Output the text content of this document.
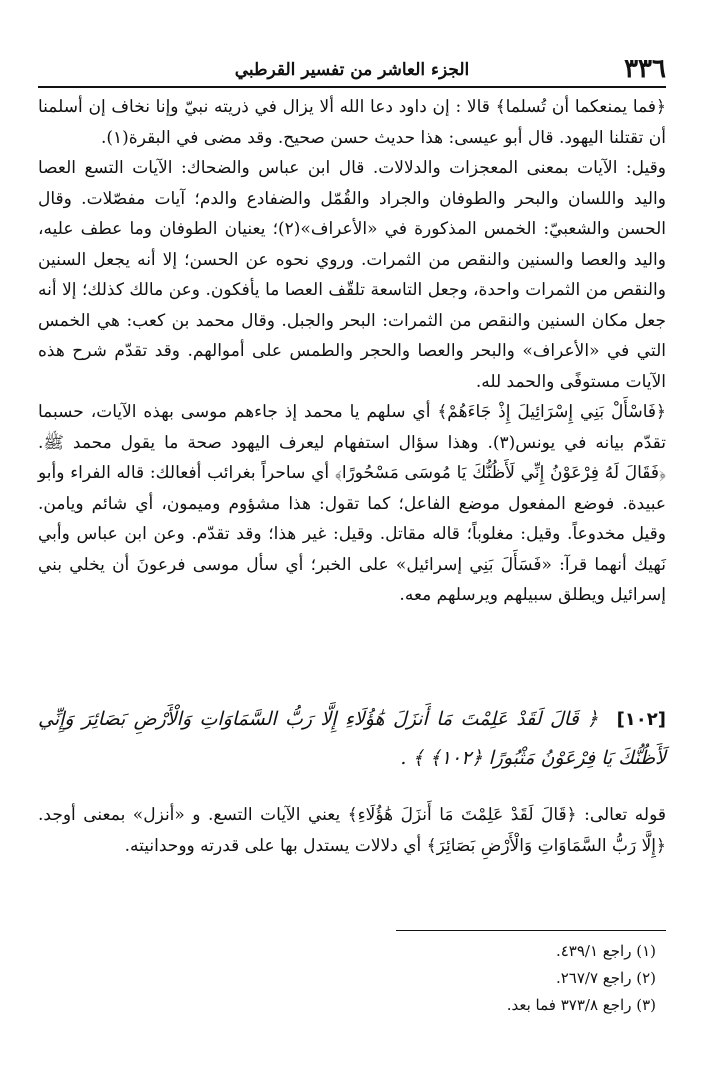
٣٣٦
الجزء العاشر من تفسير القرطبي

﴿فما يمنعكما أن تُسلما﴾ قالا : إن داود دعا الله ألا يزال في ذريته نبيّ وإنا نخاف إن أسلمنا أن تقتلنا اليهود. قال أبو عيسى: هذا حديث حسن صحيح. وقد مضى في البقرة(١).

وقيل: الآيات بمعنى المعجزات والدلالات. قال ابن عباس والضحاك: الآيات التسع العصا واليد واللسان والبحر والطوفان والجراد والقُمّل والضفادع والدم؛ آيات مفصّلات. وقال الحسن والشعبيّ: الخمس المذكورة في «الأعراف»(٢)؛ يعنيان الطوفان وما عطف عليه، واليد والعصا والسنين والنقص من الثمرات. وروي نحوه عن الحسن؛ إلا أنه يجعل السنين والنقص من الثمرات واحدة، وجعل التاسعة تلقّف العصا ما يأفكون. وعن مالك كذلك؛ إلا أنه جعل مكان السنين والنقص من الثمرات: البحر والجبل. وقال محمد بن كعب: هي الخمس التي في «الأعراف» والبحر والعصا والحجر والطمس على أموالهم. وقد تقدّم شرح هذه الآيات مستوفًى والحمد لله.

﴿فَاسْأَلْ بَنِي إِسْرَائِيلَ إِذْ جَاءَهُمْ﴾ أي سلهم يا محمد إذ جاءهم موسى بهذه الآيات، حسبما تقدّم بيانه في يونس(٣). وهذا سؤال استفهام ليعرف اليهود صحة ما يقول محمد ﷺ. ﴿فَقَالَ لَهُ فِرْعَوْنُ إِنِّي لَأَظُنُّكَ يَا مُوسَى مَسْحُورًا﴾ أي ساحراً بغرائب أفعالك: قاله الفراء وأبو عبيدة. فوضع المفعول موضع الفاعل؛ كما تقول: هذا مشؤوم وميمون، أي شائم ويامن. وقيل مخدوعاً. وقيل: مغلوباً؛ قاله مقاتل. وقيل: غير هذا؛ وقد تقدّم. وعن ابن عباس وأبي نَهيك أنهما قرآ: «فَسَأَلَ بَنِي إسرائيل» على الخبر؛ أي سأل موسى فرعونَ أن يخلي بني إسرائيل ويطلق سبيلهم ويرسلهم معه.

[١٠٢] ﴿ قَالَ لَقَدْ عَلِمْتَ مَا أَنزَلَ هَٰؤُلَاءِ إِلَّا رَبُّ السَّمَاوَاتِ وَالْأَرْضِ بَصَائِرَ وَإِنِّي لَأَظُنُّكَ يَا فِرْعَوْنُ مَثْبُورًا ﴿١٠٢﴾ ﴾ .
قوله تعالى: ﴿قَالَ لَقَدْ عَلِمْتَ مَا أَنزَلَ هَٰؤُلَاءِ﴾ يعني الآيات التسع. و «أنزل» بمعنى أوجد. ﴿إِلَّا رَبُّ السَّمَاوَاتِ وَالْأَرْضِ بَصَائِرَ﴾ أي دلالات يستدل بها على قدرته ووحدانيته.
(١) راجع ٤٣٩/١.
(٢) راجع ٢٦٧/٧.
(٣) راجع ٣٧٣/٨ فما بعد.
